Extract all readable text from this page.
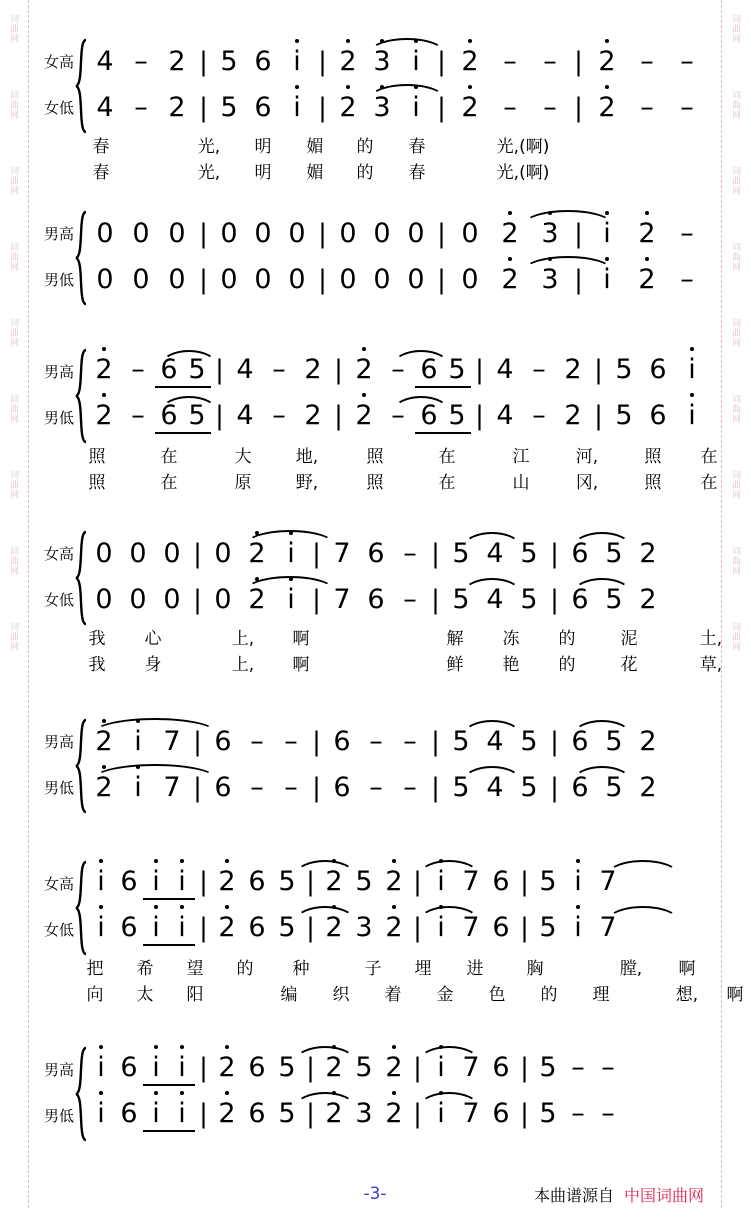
词曲网
词曲网
词曲网
词曲网
词曲网
词曲网
词曲网
词曲网
词曲网
词曲网
词曲网
词曲网
词曲网
词曲网
词曲网
词曲网
词曲网
词曲网
女高 4 – 2 | 5 6 i | 2 3 i | 2 – – | 2 – –
女低 4 – 2 | 5 6 i | 2 3 i | 2 – – | 2 – –
春	光, 明 媚 的 春	光,(啊)
春	光, 明 媚 的 春	光,(啊)
男高 0 0 0 | 0 0 0 | 0 0 0 | 0 2 3 | i	2 –
男低 0 0 0 | 0 0 0 | 0 0 0 | 0 2 3 | i	2 –
男高 2 – 6 5 | 4 – 2 | 2 – 6 5 | 4 – 2 | 5 6 i
男低 2 – 6 5 | 4 – 2 | 2 – 6 5 | 4 – 2 | 5 6 i
照	在	大	地,	照	在	江	河,	照 在
照	在	原	野,	照	在	山	冈,	照 在
女高 0 0 0 | 0 2 i | 7 6 – | 5 4 5 | 6 5 2
女低 0 0 0 | 0 2 i | 7 6 – | 5 4 5 | 6 5 2
我 心	上, 啊	解 冻 的	泥	土,
我 身	上, 啊	鲜 艳 的	花	草,
男高 2 i 7 | 6 – – | 6 – – | 5 4 5 | 6 5 2
男低 2 i 7 | 6 – – | 6 – – | 5 4 5 | 6 5 2
女高 i 6 i i | 2 6 5 | 2 5 2 | i 7 6 | 5 i 7
女低 i 6 i i | 2 6 5 | 2 3 2 | i 7 6 | 5 i 7
把 希 望 的 种	子 埋 进	胸	膛, 啊
向 太 阳	编 织 着 金 色 的 理	想, 啊
男高 i 6 i i | 2 6 5 | 2 5 2 | i 7 6 | 5 – –
男低 i 6 i i | 2 6 5 | 2 3 2 | i 7 6 | 5 – –
-3-	本曲谱源自 中国词曲网
